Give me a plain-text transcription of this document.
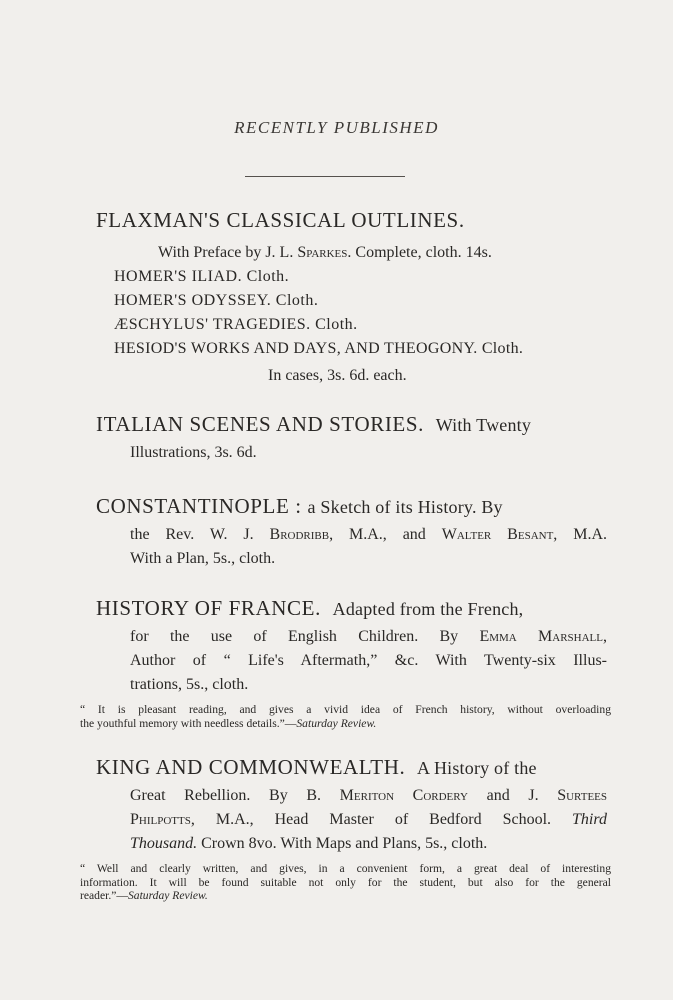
RECENTLY PUBLISHED
FLAXMAN'S CLASSICAL OUTLINES.
With Preface by J. L. Sparkes. Complete, cloth. 14s.
HOMER'S ILIAD. Cloth.
HOMER'S ODYSSEY. Cloth.
ÆSCHYLUS' TRAGEDIES. Cloth.
HESIOD'S WORKS AND DAYS, AND THEOGONY. Cloth.
In cases, 3s. 6d. each.
ITALIAN SCENES AND STORIES. With Twenty
Illustrations, 3s. 6d.
CONSTANTINOPLE : a Sketch of its History. By
the Rev. W. J. Brodribb, M.A., and Walter Besant, M.A.
With a Plan, 5s., cloth.
HISTORY OF FRANCE. Adapted from the French,
for the use of English Children. By Emma Marshall,
Author of “ Life's Aftermath,” &c. With Twenty-six Illus-
trations, 5s., cloth.
“ It is pleasant reading, and gives a vivid idea of French history, without overloading
the youthful memory with needless details.”—Saturday Review.
KING AND COMMONWEALTH. A History of the
Great Rebellion. By B. Meriton Cordery and J. Surtees
Philpotts, M.A., Head Master of Bedford School. Third
Thousand. Crown 8vo. With Maps and Plans, 5s., cloth.
“ Well and clearly written, and gives, in a convenient form, a great deal of interesting
information. It will be found suitable not only for the student, but also for the general
reader.”—Saturday Review.
